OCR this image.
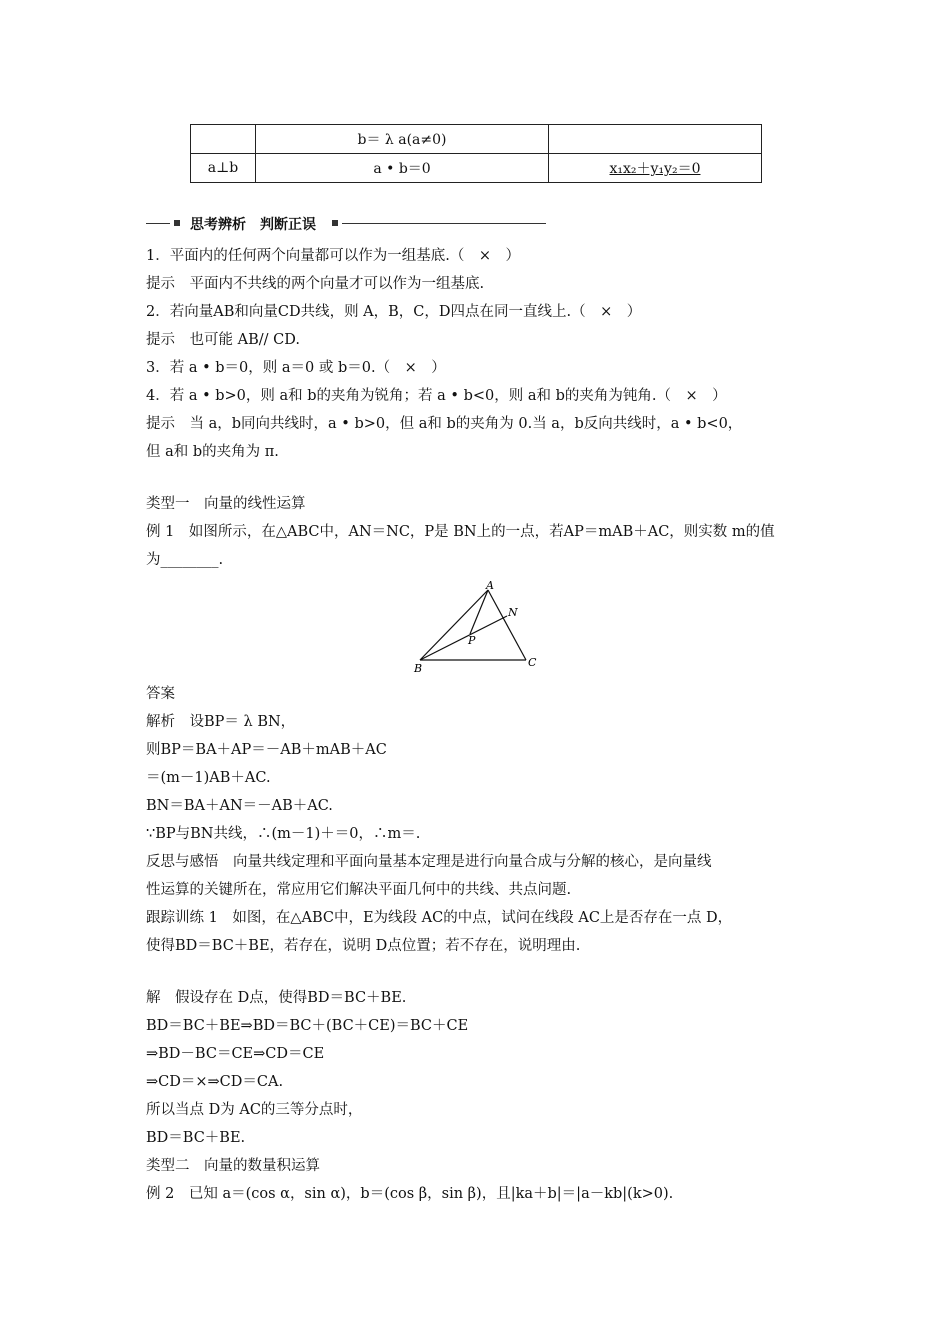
	b＝ λ a(a≠0)	
a⊥b	a • b＝0	x₁x₂＋y₁y₂＝0
思考辨析　判断正误
1．平面内的任何两个向量都可以作为一组基底.（　×　）
提示　平面内不共线的两个向量才可以作为一组基底.
2．若向量AB和向量CD共线，则 A，B，C，D四点在同一直线上.（　×　）
提示　也可能 AB// CD.
3．若 a • b＝0，则 a＝0 或 b＝0.（　×　）
4．若 a • b>0，则 a和 b的夹角为锐角；若 a • b<0，则 a和 b的夹角为钝角.（　×　）
提示　当 a，b同向共线时，a • b>0，但 a和 b的夹角为 0.当 a，b反向共线时，a • b<0，
但 a和 b的夹角为 π.
类型一　向量的线性运算
例 1　如图所示，在△ABC中，AN＝NC，P是 BN上的一点，若AP＝mAB＋AC，则实数 m的值
为________.
A
B	C
N
P
答案
解析　设BP＝ λ BN，
则BP＝BA＋AP＝－AB＋mAB＋AC
＝(m－1)AB＋AC.
BN＝BA＋AN＝－AB＋AC.
∵BP与BN共线，∴(m－1)＋＝0，∴m＝.
反思与感悟　向量共线定理和平面向量基本定理是进行向量合成与分解的核心，是向量线
性运算的关键所在，常应用它们解决平面几何中的共线、共点问题.
跟踪训练 1　如图，在△ABC中，E为线段 AC的中点，试问在线段 AC上是否存在一点 D，
使得BD＝BC＋BE，若存在，说明 D点位置；若不存在，说明理由.
解　假设存在 D点，使得BD＝BC＋BE.
BD＝BC＋BE⇒BD＝BC＋(BC＋CE)＝BC＋CE
⇒BD－BC＝CE⇒CD＝CE
⇒CD＝×⇒CD＝CA.
所以当点 D为 AC的三等分点时，
BD＝BC＋BE.
类型二　向量的数量积运算
例 2　已知 a＝(cos α，sin α)，b＝(cos β，sin β)，且|ka＋b|＝|a－kb|(k>0).
